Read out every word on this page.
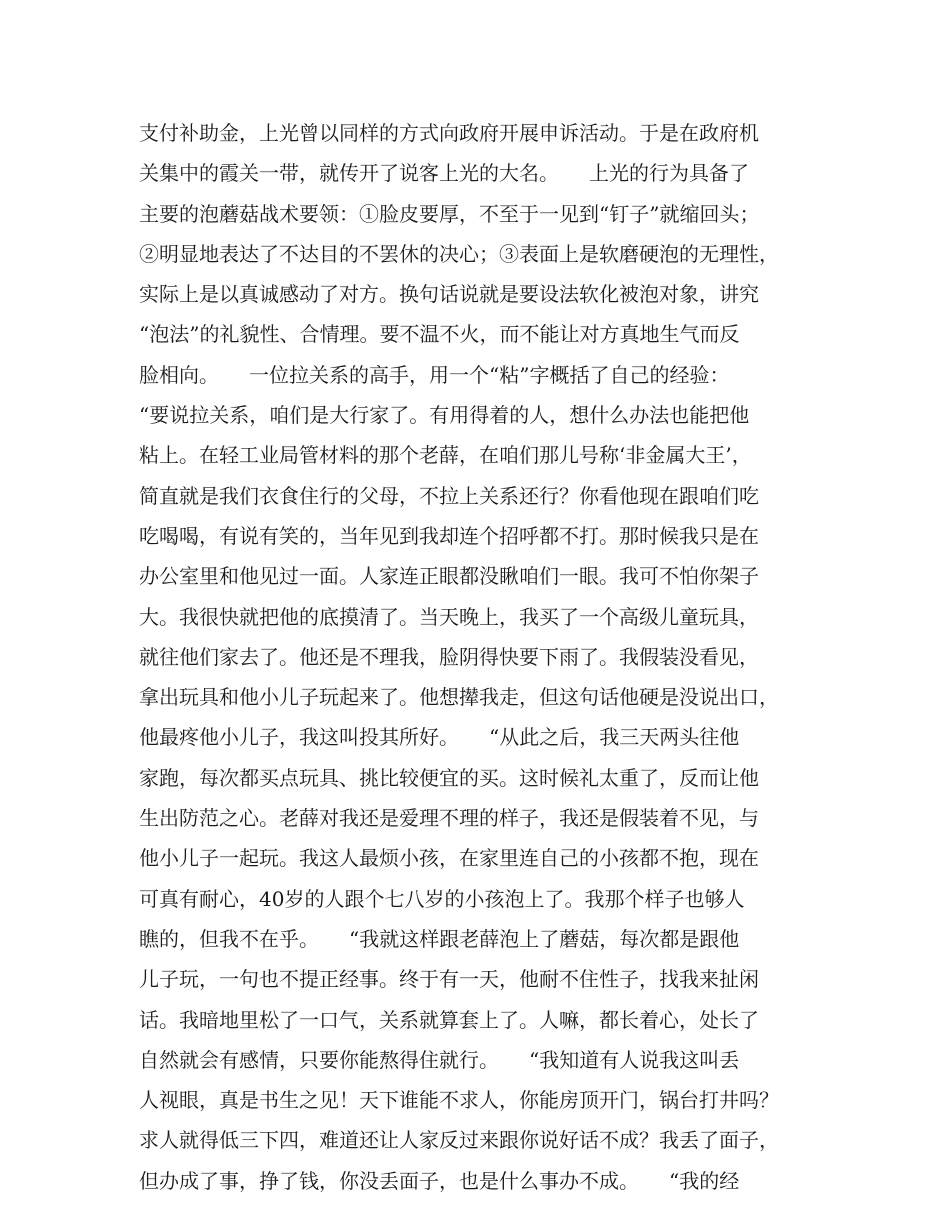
支付补助金，上光曾以同样的方式向政府开展申诉活动。于是在政府机
关集中的霞关一带，就传开了说客上光的大名。　　上光的行为具备了
主要的泡蘑菇战术要领：①脸皮要厚，不至于一见到“钉子”就缩回头；
②明显地表达了不达目的不罢休的决心；③表面上是软磨硬泡的无理性，
实际上是以真诚感动了对方。换句话说就是要设法软化被泡对象，讲究
“泡法”的礼貌性、合情理。要不温不火，而不能让对方真地生气而反
脸相向。　　一位拉关系的高手，用一个“粘”字概括了自己的经验：
“要说拉关系，咱们是大行家了。有用得着的人，想什么办法也能把他
粘上。在轻工业局管材料的那个老薛，在咱们那儿号称‘非金属大王’，
简直就是我们衣食住行的父母，不拉上关系还行？你看他现在跟咱们吃
吃喝喝，有说有笑的，当年见到我却连个招呼都不打。那时候我只是在
办公室里和他见过一面。人家连正眼都没瞅咱们一眼。我可不怕你架子
大。我很快就把他的底摸清了。当天晚上，我买了一个高级儿童玩具，
就往他们家去了。他还是不理我，脸阴得快要下雨了。我假装没看见，
拿出玩具和他小儿子玩起来了。他想撵我走，但这句话他硬是没说出口，
他最疼他小儿子，我这叫投其所好。　　“从此之后，我三天两头往他
家跑，每次都买点玩具、挑比较便宜的买。这时候礼太重了，反而让他
生出防范之心。老薛对我还是爱理不理的样子，我还是假装着不见，与
他小儿子一起玩。我这人最烦小孩，在家里连自己的小孩都不抱，现在
可真有耐心，40岁的人跟个七八岁的小孩泡上了。我那个样子也够人
瞧的，但我不在乎。　　“我就这样跟老薛泡上了蘑菇，每次都是跟他
儿子玩，一句也不提正经事。终于有一天，他耐不住性子，找我来扯闲
话。我暗地里松了一口气，关系就算套上了。人嘛，都长着心，处长了
自然就会有感情，只要你能熬得住就行。　　“我知道有人说我这叫丢
人视眼，真是书生之见！天下谁能不求人，你能房顶开门，锅台打井吗？
求人就得低三下四，难道还让人家反过来跟你说好话不成？我丢了面子，
但办成了事，挣了钱，你没丢面子，也是什么事办不成。　　“我的经
